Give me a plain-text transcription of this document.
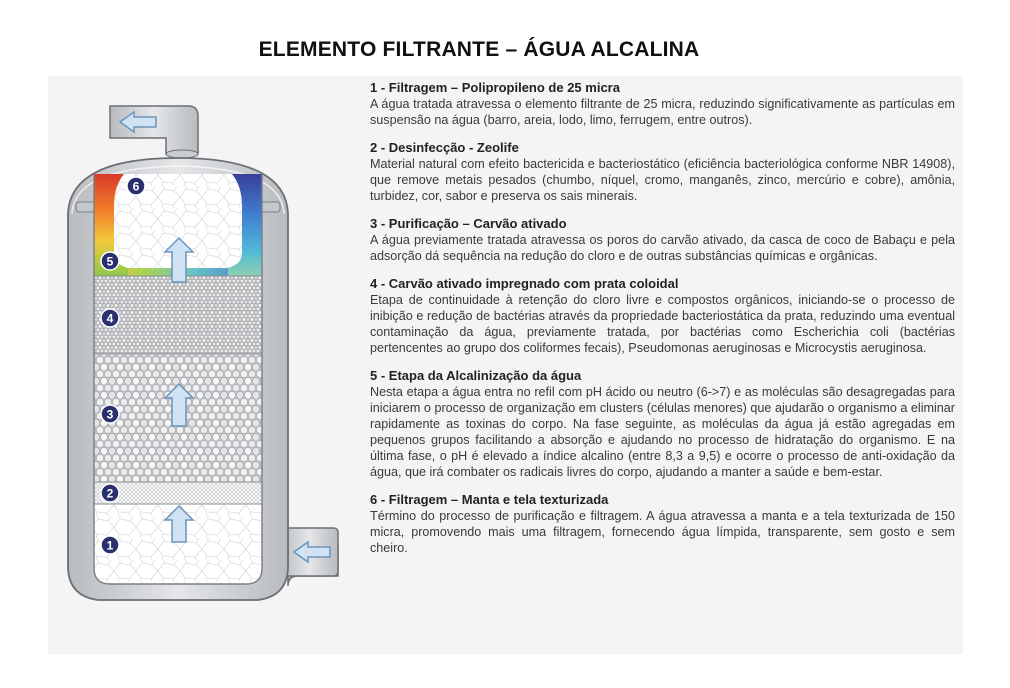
ELEMENTO FILTRANTE – ÁGUA ALCALINA
6
5
4
3
2
1
1 - Filtragem – Polipropileno de 25 micra

A água tratada atravessa o elemento filtrante de 25 micra, reduzindo significativamente as partículas em suspensão na água (barro, areia, lodo, limo, ferrugem, entre outros).

2 - Desinfecção - Zeolife

Material natural com efeito bactericida e bacteriostático (eficiência bacteriológica conforme NBR 14908), que remove metais pesados (chumbo, níquel, cromo, manganês, zinco, mercúrio e cobre), amônia, turbidez, cor, sabor e preserva os sais minerais.

3 - Purificação – Carvão ativado

A água previamente tratada atravessa os poros do carvão ativado, da casca de coco de Babaçu e pela adsorção dá sequência na redução do cloro e de outras substâncias químicas e orgânicas.

4 - Carvão ativado impregnado com prata coloidal

Etapa de continuidade à retenção do cloro livre e compostos orgânicos, iniciando-se o processo de inibição e redução de bactérias através da propriedade bacteriostática da prata, reduzindo uma eventual contaminação da água, previamente tratada, por bactérias como Escherichia coli (bactérias pertencentes ao grupo dos coliformes fecais), Pseudomonas aeruginosas e Microcystis aeruginosa.

5 - Etapa da Alcalinização da água

Nesta etapa a água entra no refil com pH ácido ou neutro (6->7) e as moléculas são desagregadas para iniciarem o processo de organização em clusters (células menores) que ajudarão o organismo a eliminar rapidamente as toxinas do corpo. Na fase seguinte, as moléculas da água já estão agregadas em pequenos grupos facilitando a absorção e ajudando no processo de hidratação do organismo. E na última fase, o pH é elevado a índice alcalino (entre 8,3 a 9,5) e ocorre o processo de anti-oxidação da água, que irá combater os radicais livres do corpo, ajudando a manter a saúde e bem-estar.

6 - Filtragem – Manta e tela texturizada

Término do processo de purificação e filtragem. A água atravessa a manta e a tela texturizada de 150 micra, promovendo mais uma filtragem, fornecendo água límpida, transparente, sem gosto e sem cheiro.
